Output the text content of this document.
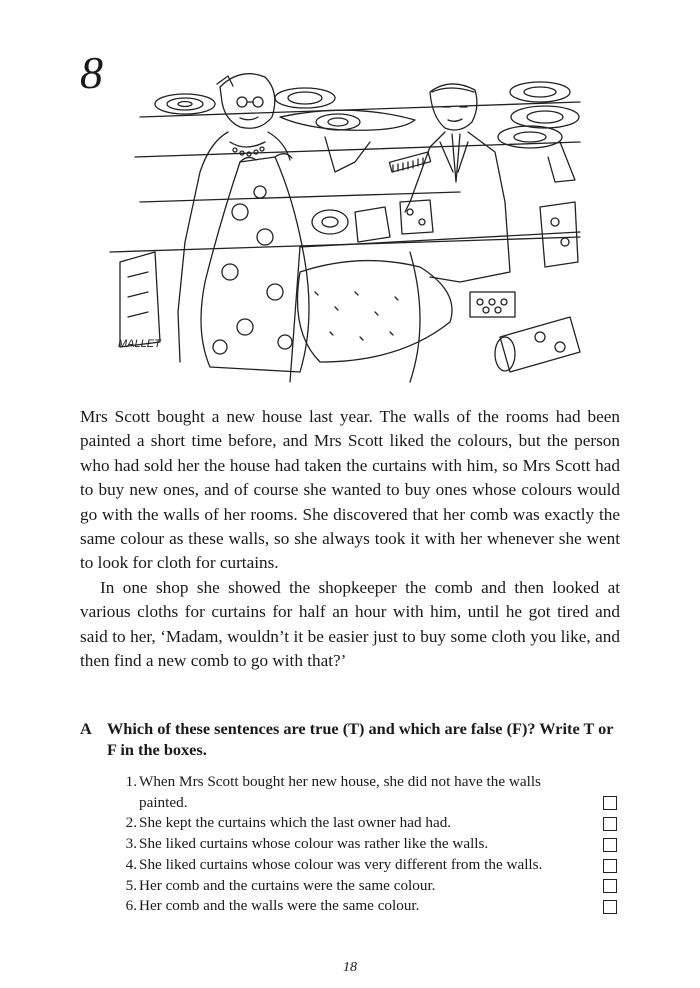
8
MALLET

Mrs Scott bought a new house last year. The walls of the rooms had been painted a short time before, and Mrs Scott liked the colours, but the person who had sold her the house had taken the curtains with him, so Mrs Scott had to buy new ones, and of course she wanted to buy ones whose colours would go with the walls of her rooms. She discovered that her comb was exactly the same colour as these walls, so she always took it with her whenever she went to look for cloth for curtains.

In one shop she showed the shopkeeper the comb and then looked at various cloths for curtains for half an hour with him, until he got tired and said to her, ‘Madam, wouldn’t it be easier just to buy some cloth you like, and then find a new comb to go with that?’

A Which of these sentences are true (T) and which are false (F)? Write T or F in the boxes.
1. When Mrs Scott bought her new house, she did not have the walls painted.
2. She kept the curtains which the last owner had had.
3. She liked curtains whose colour was rather like the walls.
4. She liked curtains whose colour was very different from the walls.
5. Her comb and the curtains were the same colour.
6. Her comb and the walls were the same colour.
18
